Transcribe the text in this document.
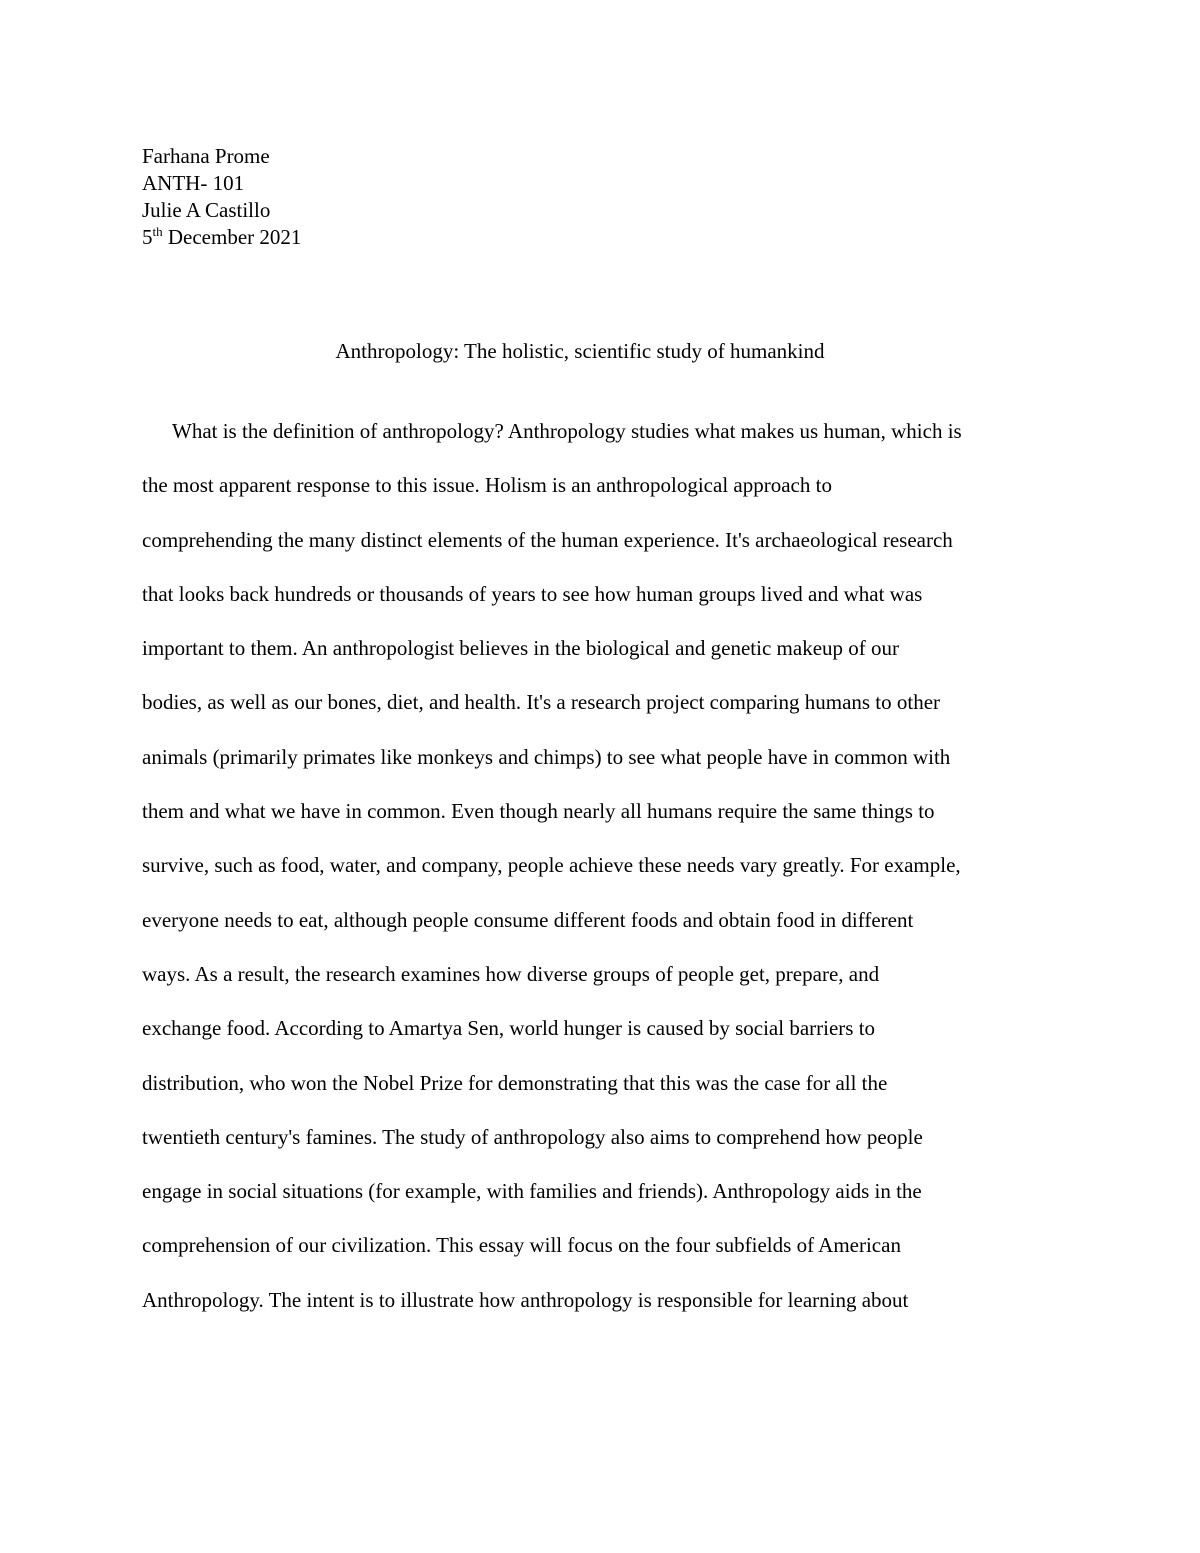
Farhana Prome
ANTH- 101
Julie A Castillo
5th December 2021
Anthropology: The holistic, scientific study of humankind
What is the definition of anthropology? Anthropology studies what makes us human, which is
the most apparent response to this issue. Holism is an anthropological approach to
comprehending the many distinct elements of the human experience. It's archaeological research
that looks back hundreds or thousands of years to see how human groups lived and what was
important to them. An anthropologist believes in the biological and genetic makeup of our
bodies, as well as our bones, diet, and health. It's a research project comparing humans to other
animals (primarily primates like monkeys and chimps) to see what people have in common with
them and what we have in common. Even though nearly all humans require the same things to
survive, such as food, water, and company, people achieve these needs vary greatly. For example,
everyone needs to eat, although people consume different foods and obtain food in different
ways. As a result, the research examines how diverse groups of people get, prepare, and
exchange food. According to Amartya Sen, world hunger is caused by social barriers to
distribution, who won the Nobel Prize for demonstrating that this was the case for all the
twentieth century's famines. The study of anthropology also aims to comprehend how people
engage in social situations (for example, with families and friends). Anthropology aids in the
comprehension of our civilization. This essay will focus on the four subfields of American
Anthropology. The intent is to illustrate how anthropology is responsible for learning about
